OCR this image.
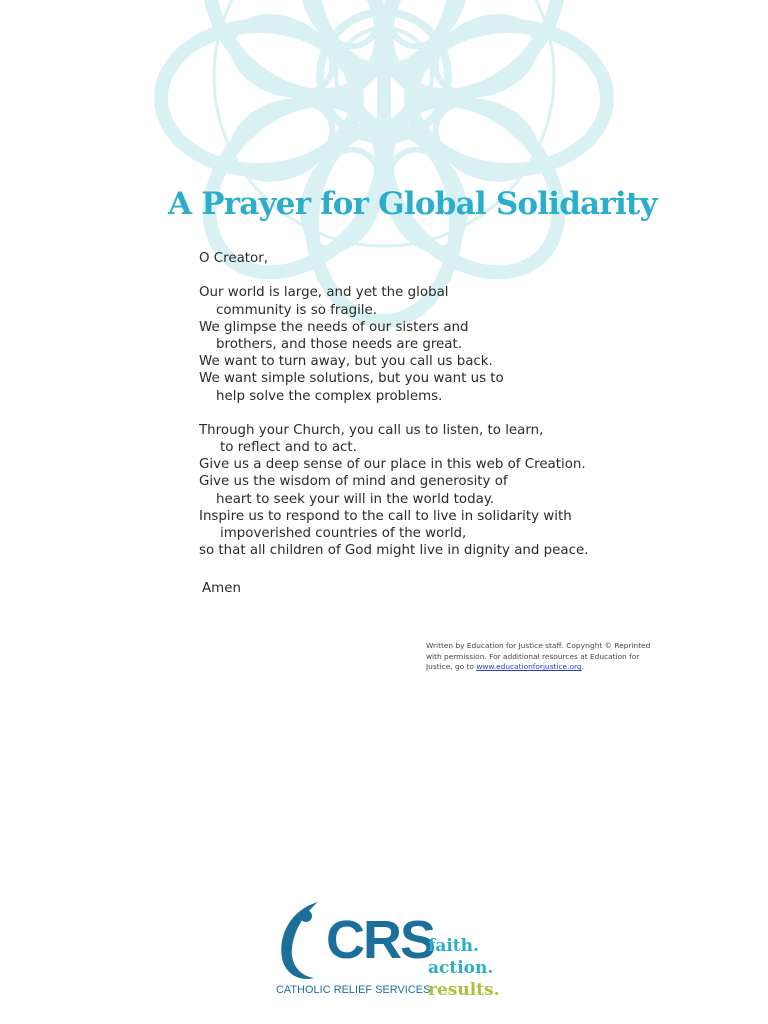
A Prayer for Global Solidarity
O Creator,
Our world is large, and yet the global
community is so fragile.
We glimpse the needs of our sisters and
brothers, and those needs are great.
We want to turn away, but you call us back.
We want simple solutions, but you want us to
help solve the complex problems.
Through your Church, you call us to listen, to learn,
to reflect and to act.
Give us a deep sense of our place in this web of Creation.
Give us the wisdom of mind and generosity of
heart to seek your will in the world today.
Inspire us to respond to the call to live in solidarity with
impoverished countries of the world,
so that all children of God might live in dignity and peace.
Amen
Written by Education for Justice staff. Copyright © Reprinted with permission. For additional resources at Education for Justice, go to www.educationforjustice.org.
CRS
CATHOLIC RELIEF SERVICES
faith.
action.
results.
